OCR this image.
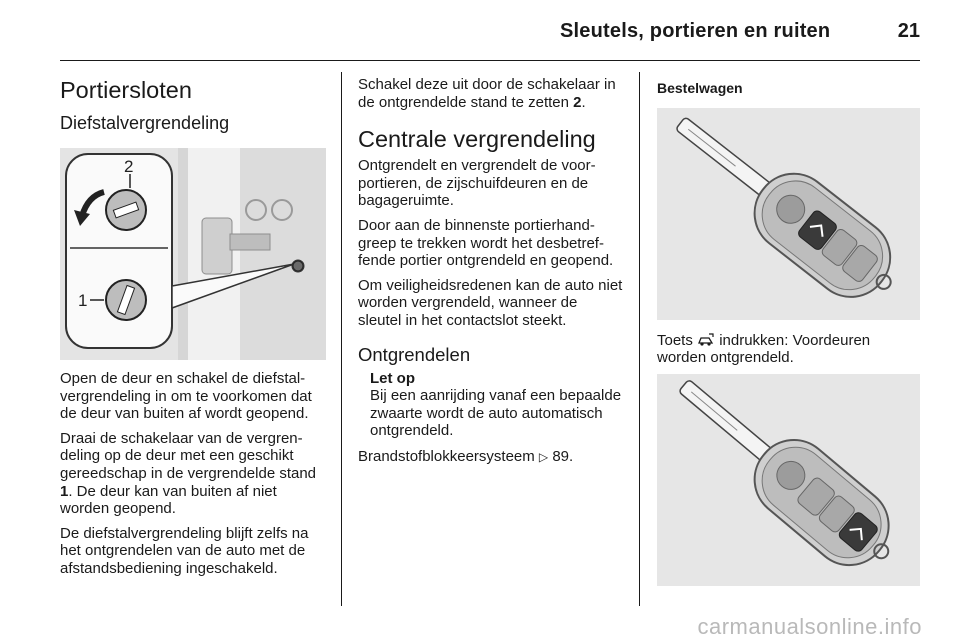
Sleutels, portieren en ruiten	21
Portiersloten
Diefstalvergrendeling
2
1

Open de deur en schakel de diefstalvergrendeling in om te voorkomen dat de deur van buiten af wordt geopend.

Draai de schakelaar van de vergrendeling op de deur met een geschikt gereedschap in de vergrendelde stand 1. De deur kan van buiten af niet worden geopend.

De diefstalvergrendeling blijft zelfs na het ontgrendelen van de auto met de afstandsbediening ingeschakeld.

Schakel deze uit door de schakelaar in de ontgrendelde stand te zetten 2.

Centrale vergrendeling

Ontgrendelt en vergrendelt de voorportieren, de zijschuifdeuren en de bagageruimte.

Door aan de binnenste portierhandgreep te trekken wordt het desbetreffende portier ontgrendeld en geopend.

Om veiligheidsredenen kan de auto niet worden vergrendeld, wanneer de sleutel in het contactslot steekt.

Ontgrendelen
Let op
Bij een aanrijding vanaf een bepaalde zwaarte wordt de auto automatisch ontgrendeld.

Brandstofblokkeersysteem ▷ 89.

Bestelwagen

Toets  indrukken: Voordeuren worden ontgrendeld.

carmanualsonline.info
